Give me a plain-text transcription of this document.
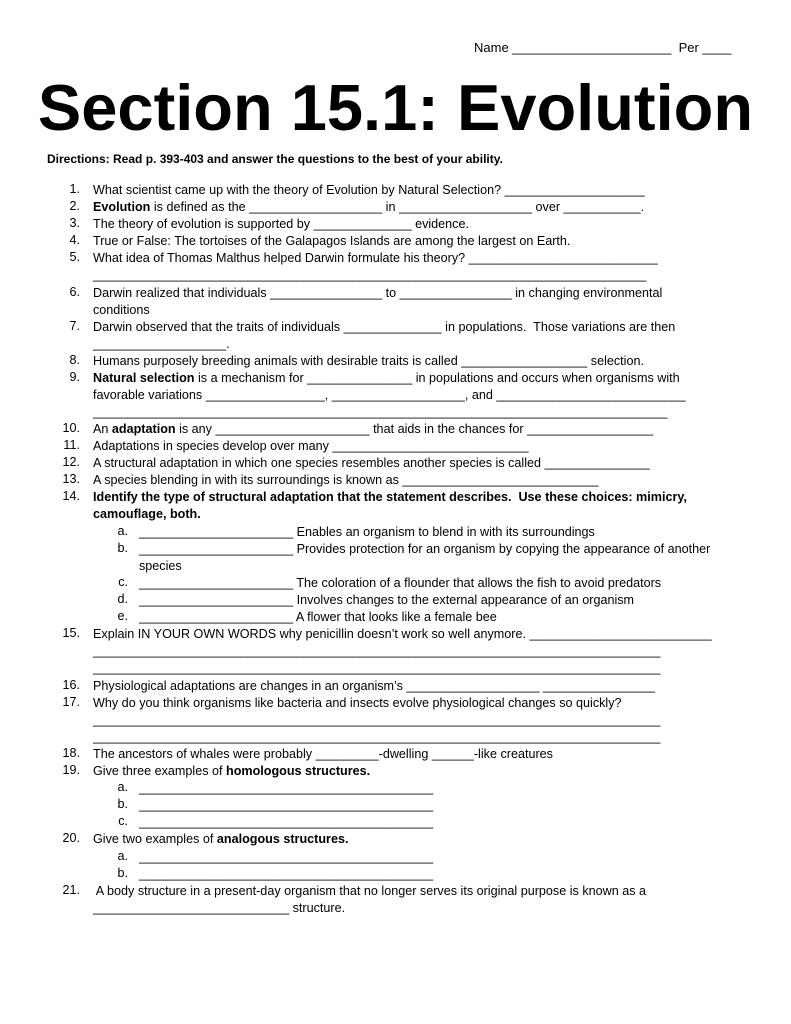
Name ______________________  Per ____
Section 15.1: Evolution
Directions: Read p. 393-403 and answer the questions to the best of your ability.
1. What scientist came up with the theory of Evolution by Natural Selection? ____________________
2. Evolution is defined as the ___________________ in ___________________ over ___________.
3. The theory of evolution is supported by ______________ evidence.
4. True or False: The tortoises of the Galapagos Islands are among the largest on Earth.
5. What idea of Thomas Malthus helped Darwin formulate his theory? ___________________________
_______________________________________________________________________________
6. Darwin realized that individuals ________________ to ________________ in changing environmental
conditions
7. Darwin observed that the traits of individuals ______________ in populations.  Those variations are then
___________________.
8. Humans purposely breeding animals with desirable traits is called __________________ selection.
9. Natural selection is a mechanism for _______________ in populations and occurs when organisms with
favorable variations _________________, ___________________, and ___________________________
__________________________________________________________________________________
10. An adaptation is any ______________________ that aids in the chances for __________________
11. Adaptations in species develop over many ____________________________
12. A structural adaptation in which one species resembles another species is called _______________
13. A species blending in with its surroundings is known as ____________________________
14. Identify the type of structural adaptation that the statement describes.  Use these choices: mimicry,
camouflage, both.
a. ______________________ Enables an organism to blend in with its surroundings
b. ______________________ Provides protection for an organism by copying the appearance of another
species
c. ______________________ The coloration of a flounder that allows the fish to avoid predators
d. ______________________ Involves changes to the external appearance of an organism
e. ______________________ A flower that looks like a female bee
15. Explain IN YOUR OWN WORDS why penicillin doesn’t work so well anymore. __________________________
_________________________________________________________________________________
_________________________________________________________________________________
16. Physiological adaptations are changes in an organism’s ___________________ ________________
17. Why do you think organisms like bacteria and insects evolve physiological changes so quickly?
_________________________________________________________________________________
_________________________________________________________________________________
18. The ancestors of whales were probably _________-dwelling ______-like creatures
19. Give three examples of homologous structures.
a. __________________________________________
b. __________________________________________
c. __________________________________________
20. Give two examples of analogous structures.
a. __________________________________________
b. __________________________________________
21. A body structure in a present-day organism that no longer serves its original purpose is known as a
____________________________ structure.
